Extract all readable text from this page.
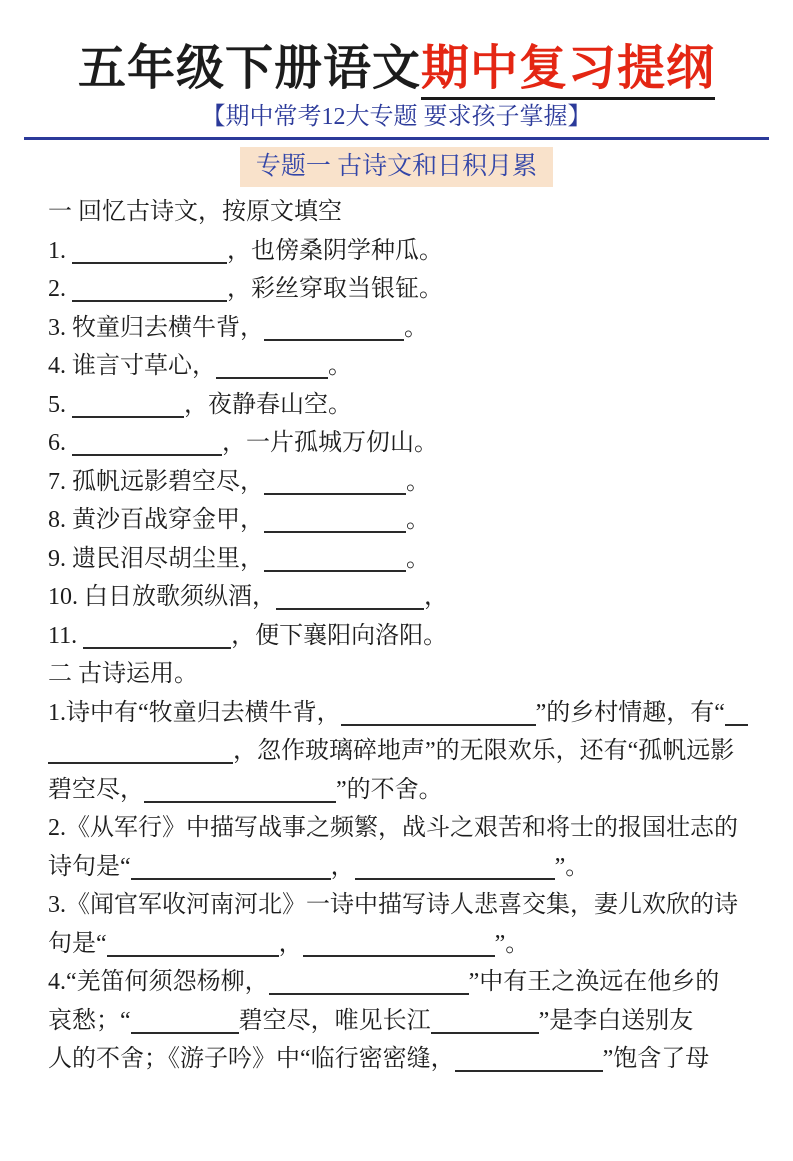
五年级下册语文期中复习提纲
【期中常考12大专题 要求孩子掌握】
专题一 古诗文和日积月累
一 回忆古诗文，按原文填空
1.	，也傍桑阴学种瓜。
2.	，彩丝穿取当银钲。
3. 牧童归去横牛背，	。
4. 谁言寸草心，	。
5.	，夜静春山空。
6.	，一片孤城万仞山。
7. 孤帆远影碧空尽，	。
8. 黄沙百战穿金甲，	。
9. 遗民泪尽胡尘里，	。
10. 白日放歌须纵酒，	，
11.	，便下襄阳向洛阳。
二 古诗运用。
1.诗中有“牧童归去横牛背，	”的乡村情趣，有“
，忽作玻璃碎地声”的无限欢乐，还有“孤帆远影
碧空尽，	”的不舍。
2.《从军行》中描写战事之频繁，战斗之艰苦和将士的报国壮志的
诗句是“	，	”。
3.《闻官军收河南河北》一诗中描写诗人悲喜交集，妻儿欢欣的诗
句是“	，	”。
4.“羌笛何须怨杨柳，	”中有王之涣远在他乡的
哀愁；“	碧空尽，唯见长江	”是李白送别友
人的不舍；《游子吟》中“临行密密缝，	”饱含了母
